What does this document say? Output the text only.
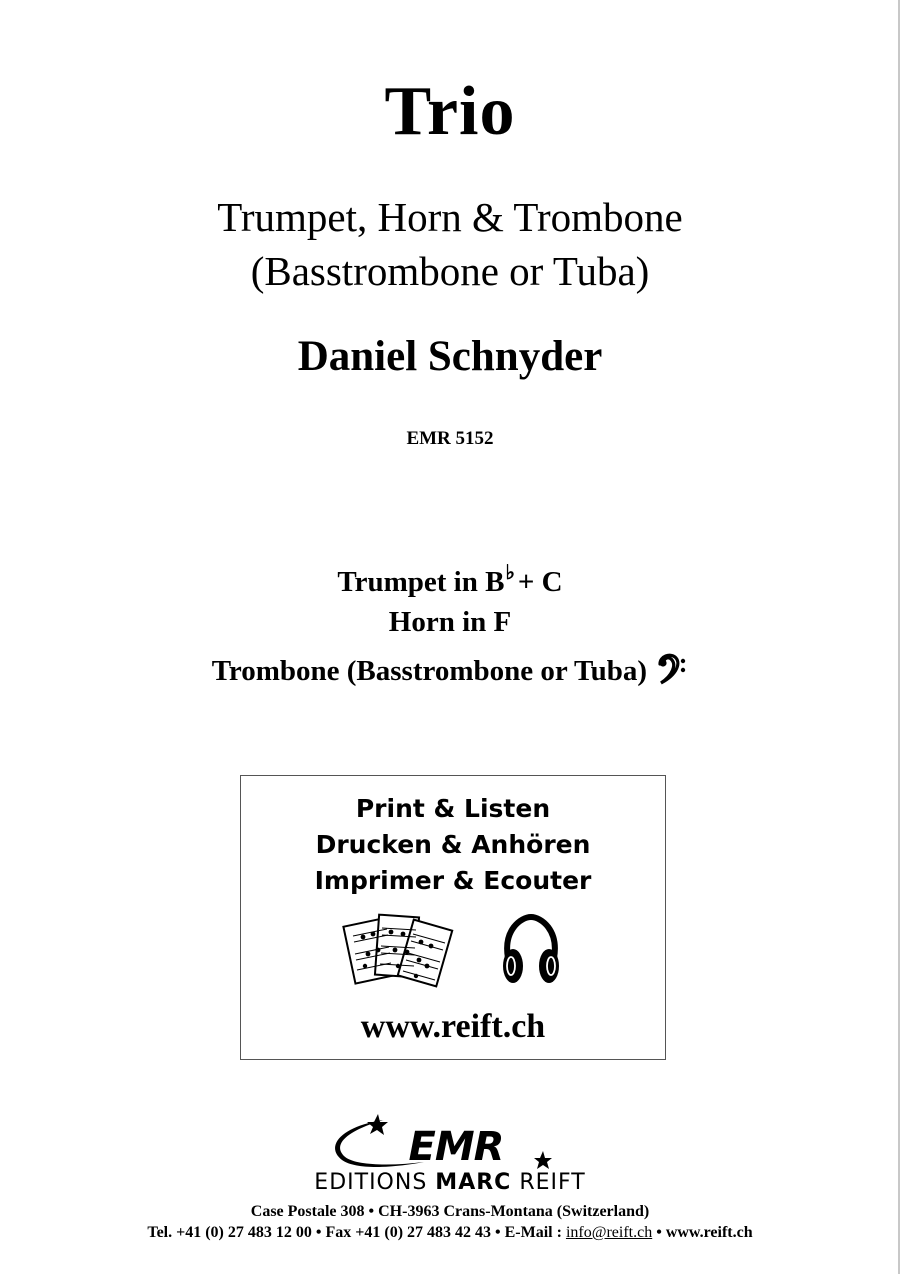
Trio
Trumpet, Horn & Trombone
(Basstrombone or Tuba)
Daniel Schnyder
EMR 5152
Trumpet in B♭ + C
Horn in F
Trombone (Basstrombone or Tuba)
Print & Listen
Drucken & Anhören
Imprimer & Ecouter
www.reift.ch
EMR
EDITIONS MARC REIFT
Case Postale 308 • CH-3963 Crans-Montana (Switzerland)
Tel. +41 (0) 27 483 12 00 • Fax +41 (0) 27 483 42 43 • E-Mail : info@reift.ch • www.reift.ch
